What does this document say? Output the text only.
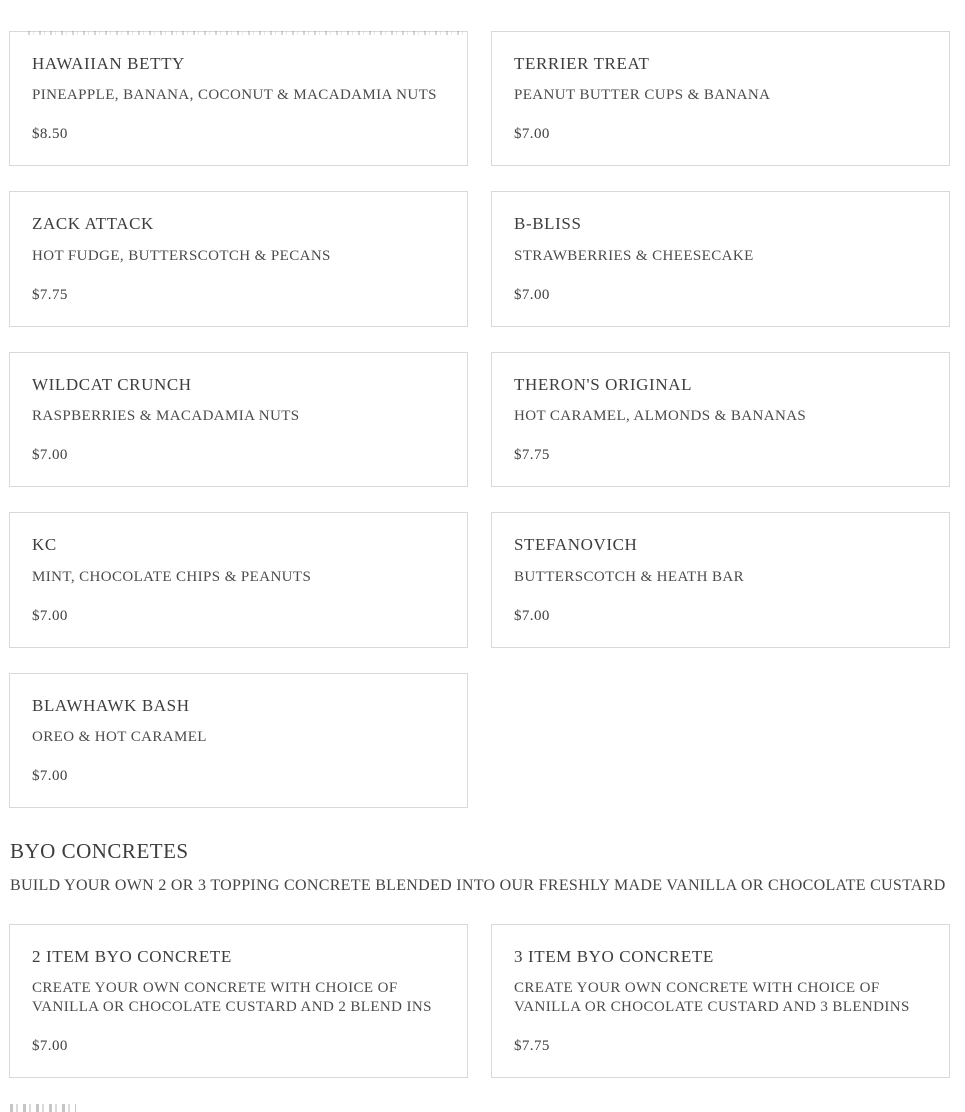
HAWAIIAN BETTY

PINEAPPLE, BANANA, COCONUT & MACADAMIA NUTS

$8.50
TERRIER TREAT

PEANUT BUTTER CUPS & BANANA

$7.00
ZACK ATTACK

HOT FUDGE, BUTTERSCOTCH & PECANS

$7.75
B-BLISS

STRAWBERRIES & CHEESECAKE

$7.00
WILDCAT CRUNCH

RASPBERRIES & MACADAMIA NUTS

$7.00
THERON'S ORIGINAL

HOT CARAMEL, ALMONDS & BANANAS

$7.75
KC

MINT, CHOCOLATE CHIPS & PEANUTS

$7.00
STEFANOVICH

BUTTERSCOTCH & HEATH BAR

$7.00
BLAWHAWK BASH

OREO & HOT CARAMEL

$7.00
BYO CONCRETES

BUILD YOUR OWN 2 OR 3 TOPPING CONCRETE BLENDED INTO OUR FRESHLY MADE VANILLA OR CHOCOLATE CUSTARD

2 ITEM BYO CONCRETE

CREATE YOUR OWN CONCRETE WITH CHOICE OF VANILLA OR CHOCOLATE CUSTARD AND 2 BLEND INS

$7.00
3 ITEM BYO CONCRETE

CREATE YOUR OWN CONCRETE WITH CHOICE OF VANILLA OR CHOCOLATE CUSTARD AND 3 BLENDINS

$7.75
